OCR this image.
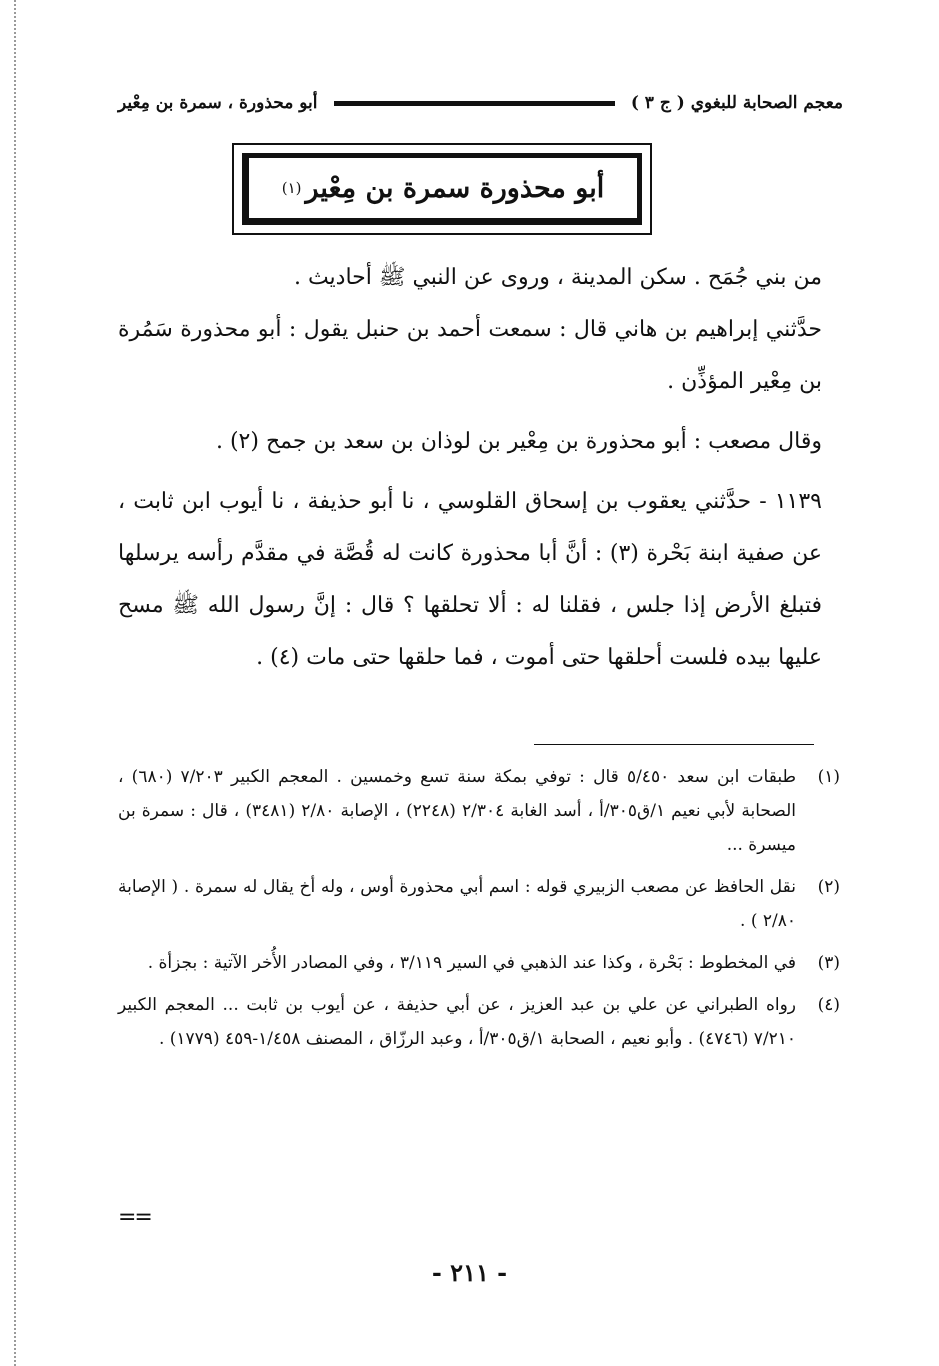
معجم الصحابة للبغوي ( ج ٣ )
أبو محذورة ، سمرة بن مِعْير
أبو محذورة سمرة بن مِعْير
(١)

من بني جُمَح . سكن المدينة ، وروى عن النبي ﷺ أحاديث .

حدَّثني إبراهيم بن هاني قال : سمعت أحمد بن حنبل يقول : أبو محذورة سَمُرة بن مِعْير المؤذِّن .

وقال مصعب : أبو محذورة بن مِعْير بن لوذان بن سعد بن جمح (٢) .

١١٣٩ - حدَّثني يعقوب بن إسحاق القلوسي ، نا أبو حذيفة ، نا أيوب ابن ثابت ، عن صفية ابنة بَحْرة (٣) : أنَّ أبا محذورة كانت له قُصَّة في مقدَّم رأسه يرسلها فتبلغ الأرض إذا جلس ، فقلنا له : ألا تحلقها ؟ قال : إنَّ رسول الله ﷺ مسح عليها بيده فلست أحلقها حتى أموت ، فما حلقها حتى مات (٤) .

(١)
طبقات ابن سعد ٥/٤٥٠ قال : توفي بمكة سنة تسع وخمسين . المعجم الكبير ٧/٢٠٣ (٦٨٠) ، الصحابة لأبي نعيم ١/ق٣٠٥/أ ، أسد الغابة ٢/٣٠٤ (٢٢٤٨) ، الإصابة ٢/٨٠ (٣٤٨١) ، قال : سمرة بن ميسرة ...
(٢)
نقل الحافظ عن مصعب الزبيري قوله : اسم أبي محذورة أوس ، وله أخ يقال له سمرة . ( الإصابة ٢/٨٠ ) .
(٣)
في المخطوط : بَحْرة ، وكذا عند الذهبي في السير ٣/١١٩ ، وفي المصادر الأُخر الآتية : بجزأة .
(٤)
رواه الطبراني عن علي بن عبد العزيز ، عن أبي حذيفة ، عن أيوب بن ثابت ... المعجم الكبير ٧/٢١٠ (٤٧٤٦) . وأبو نعيم ، الصحابة ١/ق٣٠٥/أ ، وعبد الرزّاق ، المصنف ١/٤٥٨-٤٥٩ (١٧٧٩) .
==
- ٢١١ -
